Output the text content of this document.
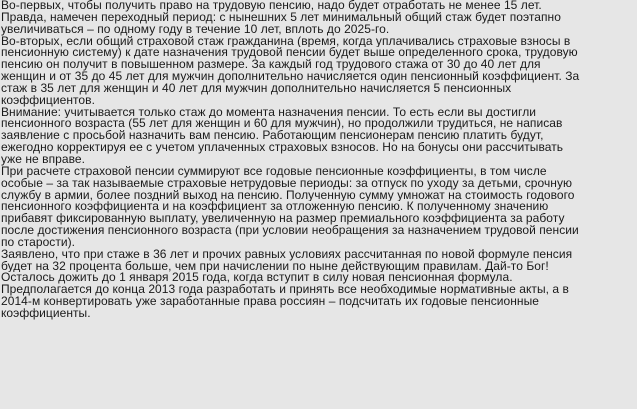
Во-первых, чтобы получить право на трудовую пенсию, надо будет отработать не менее 15 лет.
Правда, намечен переходный период: с нынешних 5 лет минимальный общий стаж будет поэтапно
увеличиваться – по одному году в течение 10 лет, вплоть до 2025-го.
Во-вторых, если общий страховой стаж гражданина (время, когда уплачивались страховые взносы в
пенсионную систему) к дате назначения трудовой пенсии будет выше определенного срока, трудовую
пенсию он получит в повышенном размере. За каждый год трудового стажа от 30 до 40 лет для
женщин и от 35 до 45 лет для мужчин дополнительно начисляется один пенсионный коэффициент. За
стаж в 35 лет для женщин и 40 лет для мужчин дополнительно начисляется 5 пенсионных
коэффициентов.
Внимание: учитывается только стаж до момента назначения пенсии. То есть если вы достигли
пенсионного возраста (55 лет для женщин и 60 для мужчин), но продолжили трудиться, не написав
заявление с просьбой назначить вам пенсию. Работающим пенсионерам пенсию платить будут,
ежегодно корректируя ее с учетом уплаченных страховых взносов. Но на бонусы они рассчитывать
уже не вправе.
При расчете страховой пенсии суммируют все годовые пенсионные коэффициенты, в том числе
особые – за так называемые страховые нетрудовые периоды: за отпуск по уходу за детьми, срочную
службу в армии, более поздний выход на пенсию. Полученную сумму умножат на стоимость годового
пенсионного коэффициента и на коэффициент за отложенную пенсию. К полученному значению
прибавят фиксированную выплату, увеличенную на размер премиального коэффициента за работу
после достижения пенсионного возраста (при условии необращения за назначением трудовой пенсии
по старости).
Заявлено, что при стаже в 36 лет и прочих равных условиях рассчитанная по новой формуле пенсия
будет на 32 процента больше, чем при начислении по ныне действующим правилам. Дай-то Бог!
Осталось дожить до 1 января 2015 года, когда вступит в силу новая пенсионная формула.
Предполагается до конца 2013 года разработать и принять все необходимые нормативные акты, а в
2014-м конвертировать уже заработанные права россиян – подсчитать их годовые пенсионные
коэффициенты.
